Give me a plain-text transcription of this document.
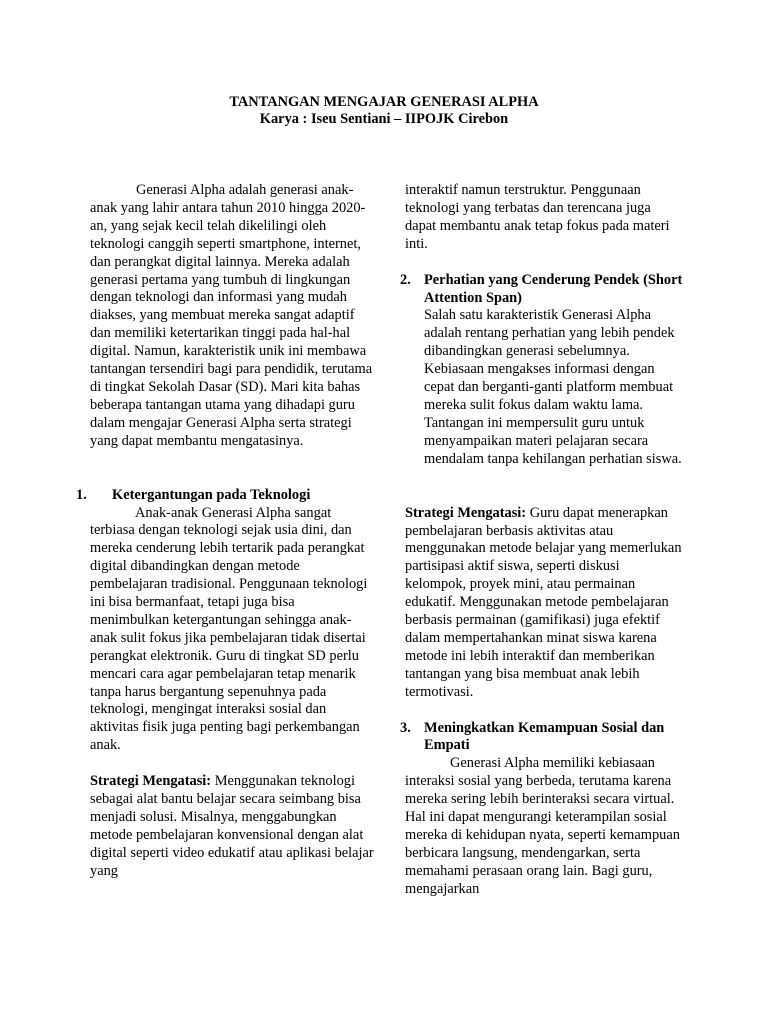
TANTANGAN MENGAJAR GENERASI ALPHA
Karya : Iseu Sentiani – IIPOJK Cirebon

Generasi Alpha adalah generasi anak-anak yang lahir antara tahun 2010 hingga 2020-an, yang sejak kecil telah dikelilingi oleh teknologi canggih seperti smartphone, internet, dan perangkat digital lainnya. Mereka adalah generasi pertama yang tumbuh di lingkungan dengan teknologi dan informasi yang mudah diakses, yang membuat mereka sangat adaptif dan memiliki ketertarikan tinggi pada hal-hal digital. Namun, karakteristik unik ini membawa tantangan tersendiri bagi para pendidik, terutama di tingkat Sekolah Dasar (SD). Mari kita bahas beberapa tantangan utama yang dihadapi guru dalam mengajar Generasi Alpha serta strategi yang dapat membantu mengatasinya.

1.	Ketergantungan pada Teknologi

Anak-anak Generasi Alpha sangat terbiasa dengan teknologi sejak usia dini, dan mereka cenderung lebih tertarik pada perangkat digital dibandingkan dengan metode pembelajaran tradisional. Penggunaan teknologi ini bisa bermanfaat, tetapi juga bisa menimbulkan ketergantungan sehingga anak-anak sulit fokus jika pembelajaran tidak disertai perangkat elektronik. Guru di tingkat SD perlu mencari cara agar pembelajaran tetap menarik tanpa harus bergantung sepenuhnya pada teknologi, mengingat interaksi sosial dan aktivitas fisik juga penting bagi perkembangan anak.

Strategi Mengatasi: Menggunakan teknologi sebagai alat bantu belajar secara seimbang bisa menjadi solusi. Misalnya, menggabungkan metode pembelajaran konvensional dengan alat digital seperti video edukatif atau aplikasi belajar yang

interaktif namun terstruktur. Penggunaan teknologi yang terbatas dan terencana juga dapat membantu anak tetap fokus pada materi inti.

2. Perhatian yang Cenderung Pendek (Short Attention Span)

Salah satu karakteristik Generasi Alpha adalah rentang perhatian yang lebih pendek dibandingkan generasi sebelumnya. Kebiasaan mengakses informasi dengan cepat dan berganti-ganti platform membuat mereka sulit fokus dalam waktu lama. Tantangan ini mempersulit guru untuk menyampaikan materi pelajaran secara mendalam tanpa kehilangan perhatian siswa.

Strategi Mengatasi: Guru dapat menerapkan pembelajaran berbasis aktivitas atau menggunakan metode belajar yang memerlukan partisipasi aktif siswa, seperti diskusi kelompok, proyek mini, atau permainan edukatif. Menggunakan metode pembelajaran berbasis permainan (gamifikasi) juga efektif dalam mempertahankan minat siswa karena metode ini lebih interaktif dan memberikan tantangan yang bisa membuat anak lebih termotivasi.

3. Meningkatkan Kemampuan Sosial dan Empati

Generasi Alpha memiliki kebiasaan interaksi sosial yang berbeda, terutama karena mereka sering lebih berinteraksi secara virtual. Hal ini dapat mengurangi keterampilan sosial mereka di kehidupan nyata, seperti kemampuan berbicara langsung, mendengarkan, serta memahami perasaan orang lain. Bagi guru, mengajarkan
